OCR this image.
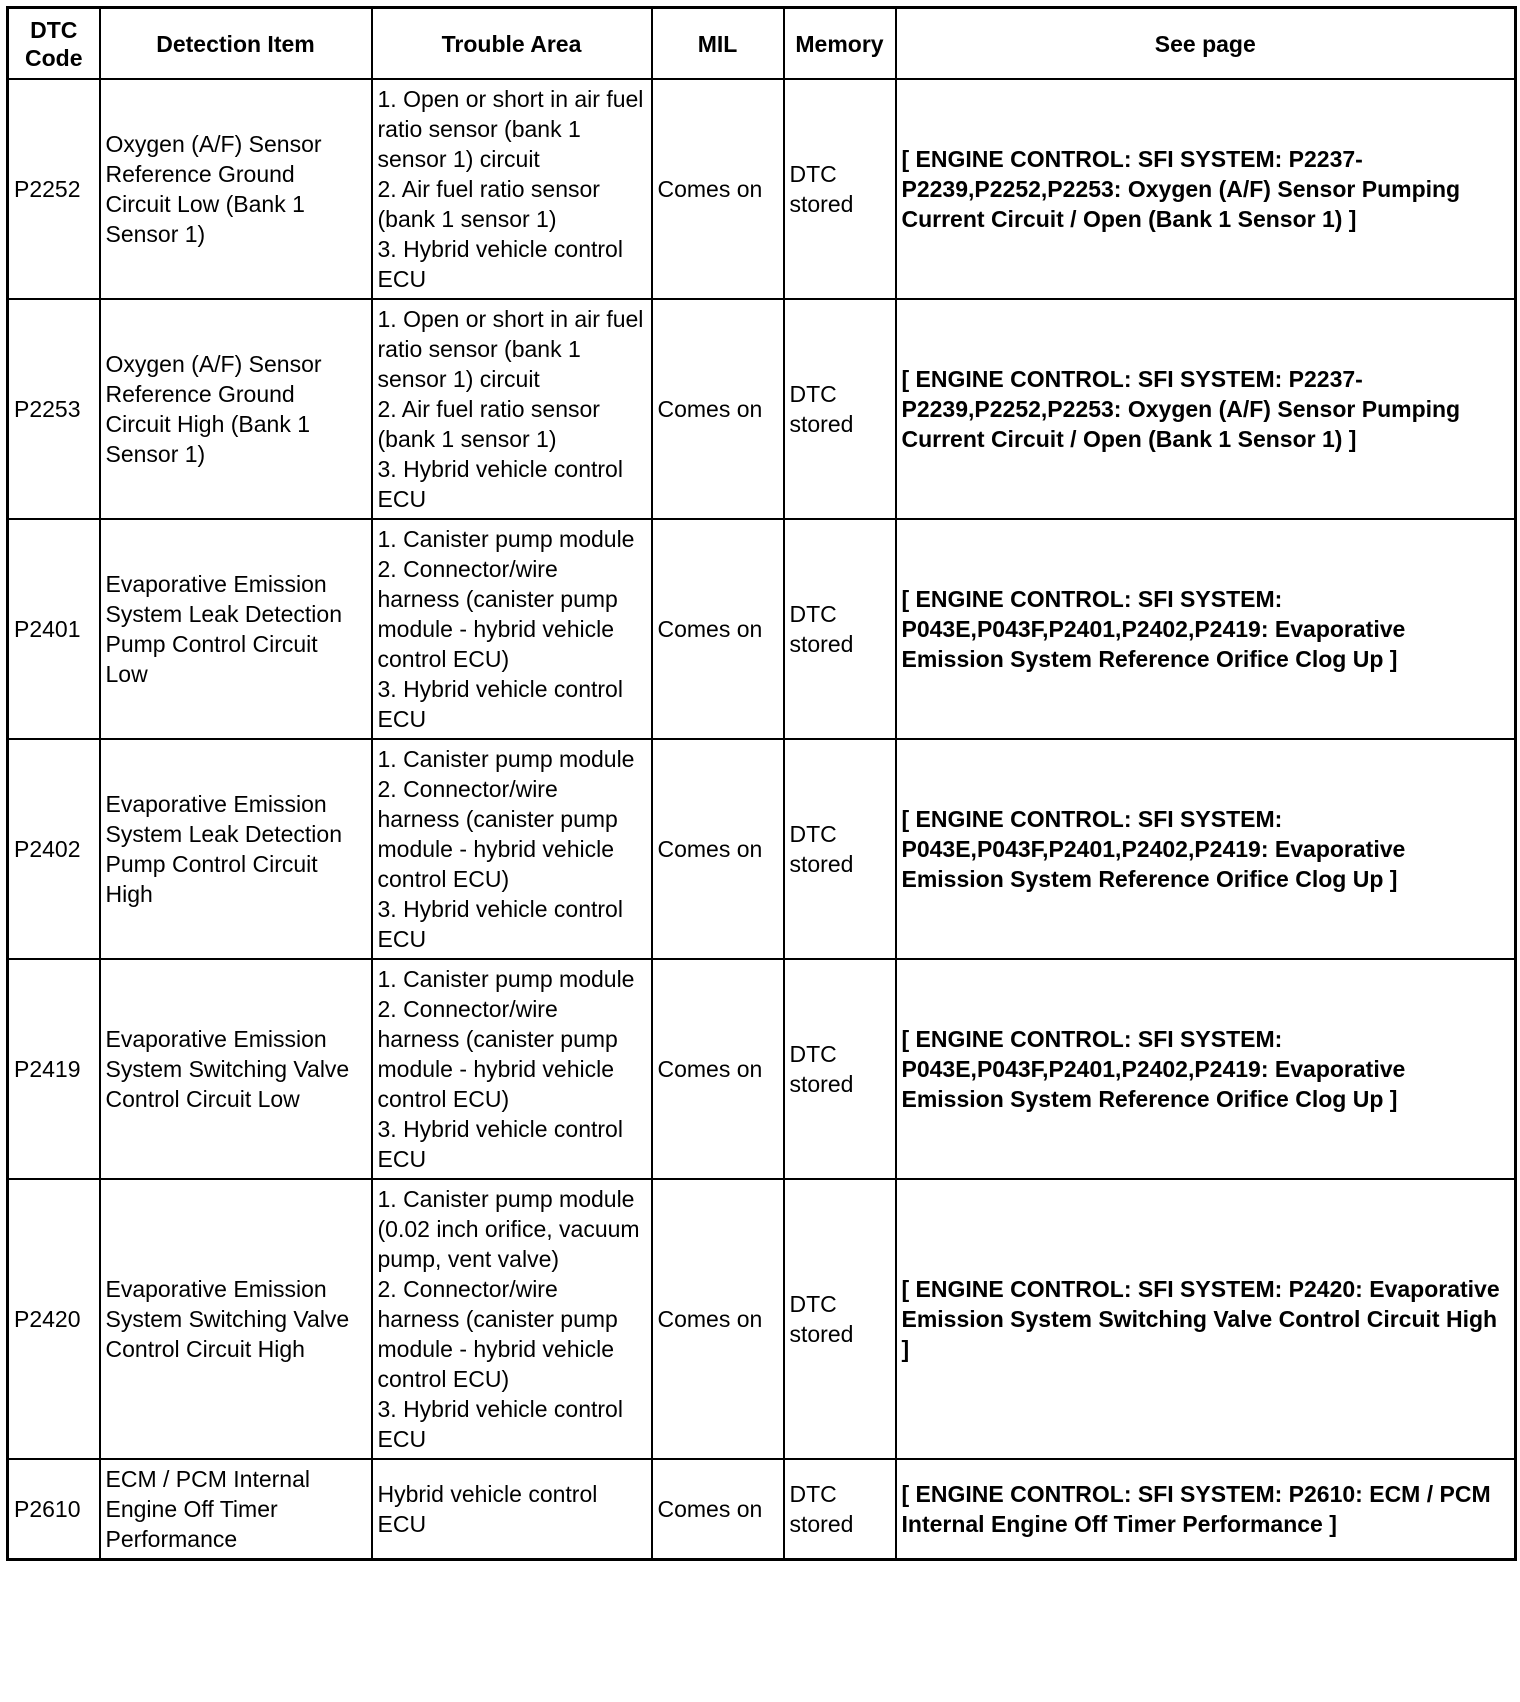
DTC Code	Detection Item	Trouble Area	MIL	Memory	See page
P2252	Oxygen (A/F) Sensor Reference Ground Circuit Low (Bank 1 Sensor 1)	1. Open or short in air fuel ratio sensor (bank 1 sensor 1) circuit
2. Air fuel ratio sensor (bank 1 sensor 1)
3. Hybrid vehicle control ECU	Comes on	DTC stored	[ ENGINE CONTROL: SFI SYSTEM: P2237-P2239,P2252,P2253: Oxygen (A/F) Sensor Pumping Current Circuit / Open (Bank 1 Sensor 1) ]
P2253	Oxygen (A/F) Sensor Reference Ground Circuit High (Bank 1 Sensor 1)	1. Open or short in air fuel ratio sensor (bank 1 sensor 1) circuit
2. Air fuel ratio sensor (bank 1 sensor 1)
3. Hybrid vehicle control ECU	Comes on	DTC stored	[ ENGINE CONTROL: SFI SYSTEM: P2237-P2239,P2252,P2253: Oxygen (A/F) Sensor Pumping Current Circuit / Open (Bank 1 Sensor 1) ]
P2401	Evaporative Emission System Leak Detection Pump Control Circuit Low	1. Canister pump module
2. Connector/wire harness (canister pump module - hybrid vehicle control ECU)
3. Hybrid vehicle control ECU	Comes on	DTC stored	[ ENGINE CONTROL: SFI SYSTEM: P043E,P043F,P2401,P2402,P2419: Evaporative Emission System Reference Orifice Clog Up ]
P2402	Evaporative Emission System Leak Detection Pump Control Circuit High	1. Canister pump module
2. Connector/wire harness (canister pump module - hybrid vehicle control ECU)
3. Hybrid vehicle control ECU	Comes on	DTC stored	[ ENGINE CONTROL: SFI SYSTEM: P043E,P043F,P2401,P2402,P2419: Evaporative Emission System Reference Orifice Clog Up ]
P2419	Evaporative Emission System Switching Valve Control Circuit Low	1. Canister pump module
2. Connector/wire harness (canister pump module - hybrid vehicle control ECU)
3. Hybrid vehicle control ECU	Comes on	DTC stored	[ ENGINE CONTROL: SFI SYSTEM: P043E,P043F,P2401,P2402,P2419: Evaporative Emission System Reference Orifice Clog Up ]
P2420	Evaporative Emission System Switching Valve Control Circuit High	1. Canister pump module (0.02 inch orifice, vacuum pump, vent valve)
2. Connector/wire harness (canister pump module - hybrid vehicle control ECU)
3. Hybrid vehicle control ECU	Comes on	DTC stored	[ ENGINE CONTROL: SFI SYSTEM: P2420: Evaporative Emission System Switching Valve Control Circuit High ]
P2610	ECM / PCM Internal Engine Off Timer Performance	Hybrid vehicle control ECU	Comes on	DTC stored	[ ENGINE CONTROL: SFI SYSTEM: P2610: ECM / PCM Internal Engine Off Timer Performance ]
